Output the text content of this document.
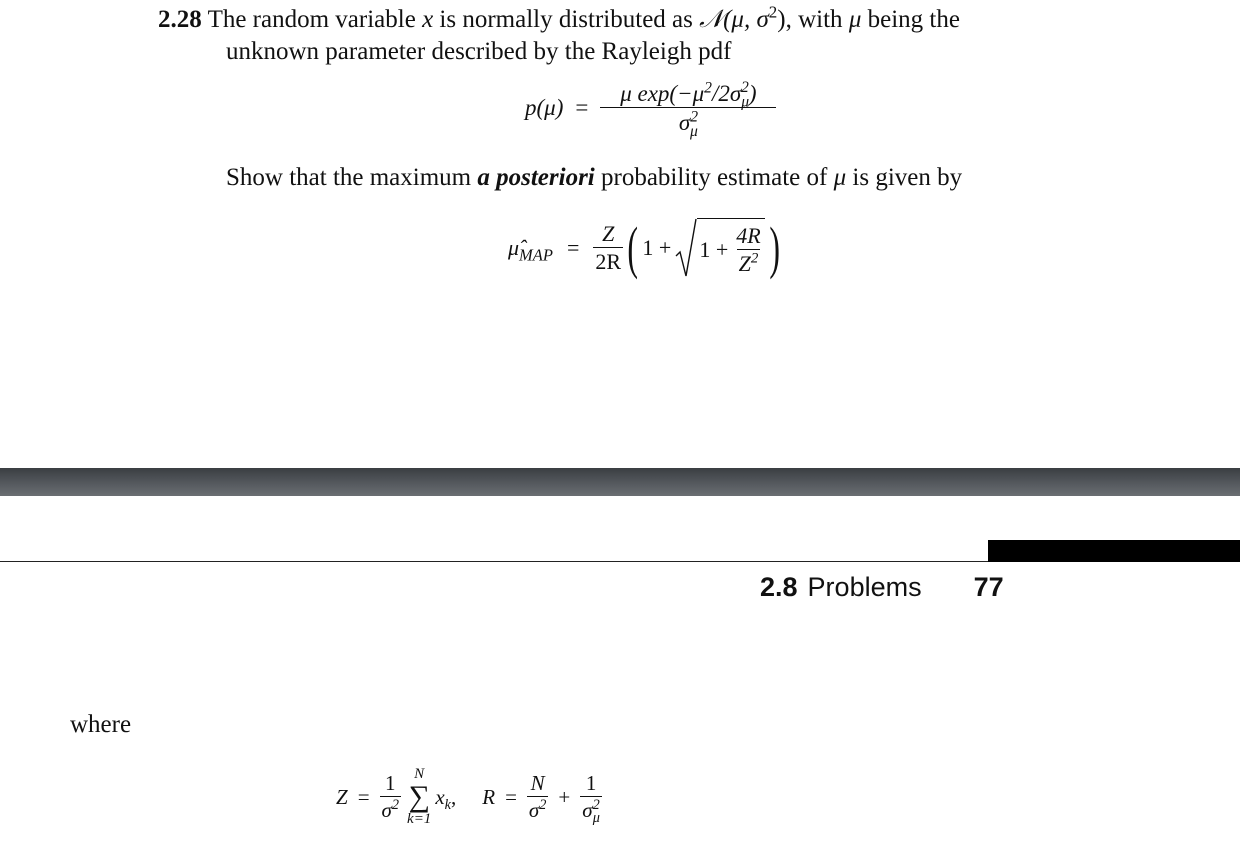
2.28 The random variable x is normally distributed as 𝒩(μ, $\sigma^2$), with μ being the
unknown parameter described by the Rayleigh pdf
$p(\mu) = \frac{\mu \exp(-\mu^2/2\sigma_\mu^2)}{\sigma^2_\mu}$
Show that the maximum a posteriori probability estimate of μ is given by
$\mû_{MAP} = \frac{Z}{2R}$ ( $1 + 1 + \frac{4R}{Z^2}$ )
2.8 Problems 77
where
$Z = \frac{1}{\sigma^2}$ N
∑
k=1
$x_k$ , $R = \frac{N}{\sigma^2} + \frac{1}{\sigma^2_\mu}$
